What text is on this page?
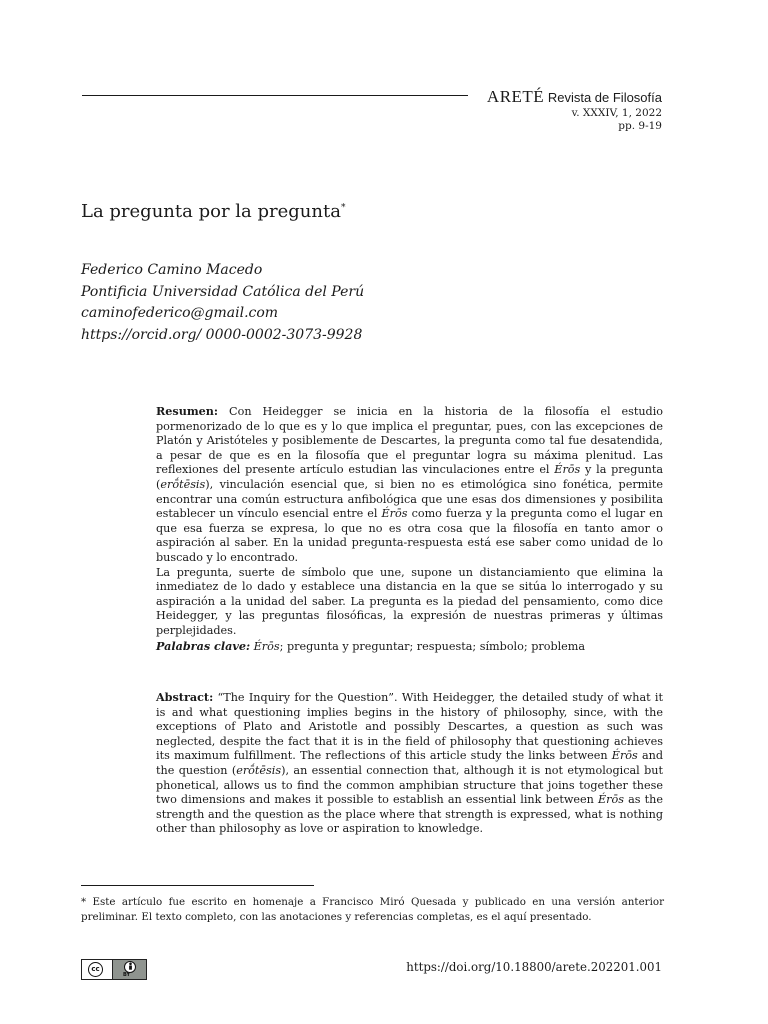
ARETÉ Revista de Filosofía
v. XXXIV, 1, 2022
pp. 9-19
La pregunta por la pregunta*
Federico Camino Macedo
Pontificia Universidad Católica del Perú
caminofederico@gmail.com
https://orcid.org/ 0000-0002-3073-9928

Resumen: Con Heidegger se inicia en la historia de la filosofía el estudio pormenorizado de lo que es y lo que implica el preguntar, pues, con las excepciones de Platón y Aristóteles y posiblemente de Descartes, la pregunta como tal fue desatendida, a pesar de que es en la filosofía que el preguntar logra su máxima plenitud. Las reflexiones del presente artículo estudian las vinculaciones entre el Érōs y la pregunta (erṓtēsis), vinculación esencial que, si bien no es etimológica sino fonética, permite encontrar una común estructura anfibológica que une esas dos dimensiones y posibilita establecer un vínculo esencial entre el Érōs como fuerza y la pregunta como el lugar en que esa fuerza se expresa, lo que no es otra cosa que la filosofía en tanto amor o aspiración al saber. En la unidad pregunta-respuesta está ese saber como unidad de lo buscado y lo encontrado.

La pregunta, suerte de símbolo que une, supone un distanciamiento que elimina la inmediatez de lo dado y establece una distancia en la que se sitúa lo interrogado y su aspiración a la unidad del saber. La pregunta es la piedad del pensamiento, como dice Heidegger, y las preguntas filosóficas, la expresión de nuestras primeras y últimas perplejidades.

Palabras clave: Érōs; pregunta y preguntar; respuesta; símbolo; problema

Abstract: “The Inquiry for the Question”. With Heidegger, the detailed study of what it is and what questioning implies begins in the history of philosophy, since, with the exceptions of Plato and Aristotle and possibly Descartes, a question as such was neglected, despite the fact that it is in the field of philosophy that questioning achieves its maximum fulfillment. The reflections of this article study the links between Érōs and the question (erṓtēsis), an essential connection that, although it is not etymological but phonetical, allows us to find the common amphibian structure that joins together these two dimensions and makes it possible to establish an essential link between Érōs as the strength and the question as the place where that strength is expressed, what is nothing other than philosophy as love or aspiration to knowledge.

* Este artículo fue escrito en homenaje a Francisco Miró Quesada y publicado en una versión anterior preliminar. El texto completo, con las anotaciones y referencias completas, es el aquí presentado.
cc
BY
https://doi.org/10.18800/arete.202201.001
